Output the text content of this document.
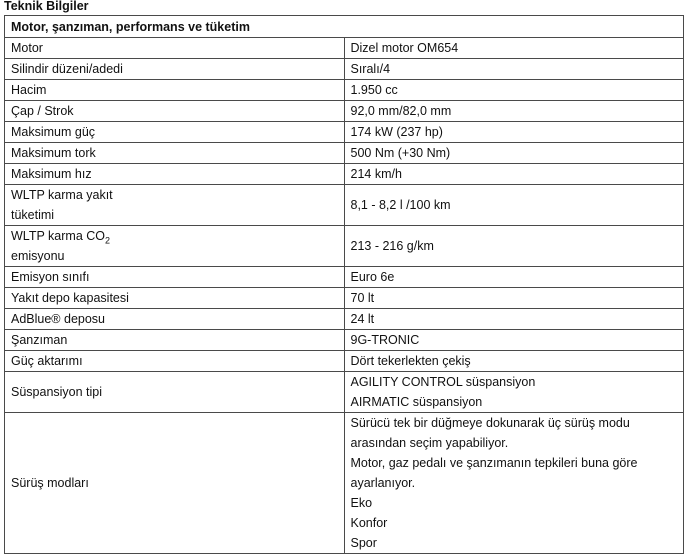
Teknik Bilgiler
Motor, şanzıman, performans ve tüketim	
Motor	Dizel motor OM654
Silindir düzeni/adedi	Sıralı/4
Hacim	1.950 cc
Çap / Strok	92,0 mm/82,0 mm
Maksimum güç	174 kW (237 hp)
Maksimum tork	500 Nm (+30 Nm)
Maksimum hız	214 km/h

WLTP karma yakıt
tüketimi	8,1 - 8,2 l /100 km

WLTP karma $CO_2$
emisyonu	213 - 216 g/km
Emisyon sınıfı	Euro 6e
Yakıt depo kapasitesi	70 lt
AdBlue® deposu	24 lt
Şanzıman	9G-TRONIC
Güç aktarımı	Dört tekerlekten çekiş
Süspansiyon tipi	AGILITY CONTROL süspansiyon
AIRMATIC süspansiyon

Sürüş modları	Sürücü tek bir düğmeye dokunarak üç sürüş modu arasından seçim yapabiliyor.
Motor, gaz pedalı ve şanzımanın tepkileri buna göre ayarlanıyor.
Eko
Konfor
Spor
